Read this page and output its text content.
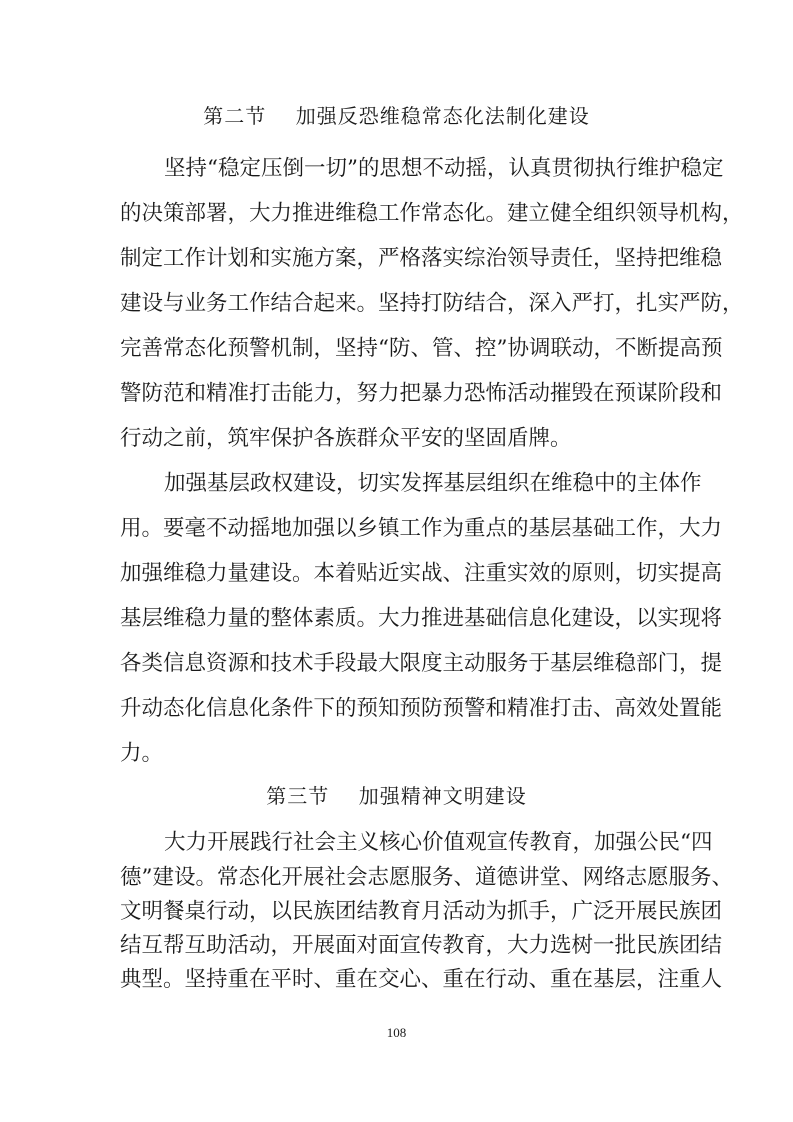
第二节    加强反恐维稳常态化法制化建设
坚持“稳定压倒一切”的思想不动摇，认真贯彻执行维护稳定
的决策部署，大力推进维稳工作常态化。建立健全组织领导机构，
制定工作计划和实施方案，严格落实综治领导责任，坚持把维稳
建设与业务工作结合起来。坚持打防结合，深入严打，扎实严防，
完善常态化预警机制，坚持“防、管、控”协调联动，不断提高预
警防范和精准打击能力，努力把暴力恐怖活动摧毁在预谋阶段和
行动之前，筑牢保护各族群众平安的坚固盾牌。
加强基层政权建设，切实发挥基层组织在维稳中的主体作
用。要毫不动摇地加强以乡镇工作为重点的基层基础工作，大力
加强维稳力量建设。本着贴近实战、注重实效的原则，切实提高
基层维稳力量的整体素质。大力推进基础信息化建设，以实现将
各类信息资源和技术手段最大限度主动服务于基层维稳部门，提
升动态化信息化条件下的预知预防预警和精准打击、高效处置能
力。
第三节    加强精神文明建设
大力开展践行社会主义核心价值观宣传教育，加强公民“四
德”建设。常态化开展社会志愿服务、道德讲堂、网络志愿服务、
文明餐桌行动，以民族团结教育月活动为抓手，广泛开展民族团
结互帮互助活动，开展面对面宣传教育，大力选树一批民族团结
典型。坚持重在平时、重在交心、重在行动、重在基层，注重人
108
